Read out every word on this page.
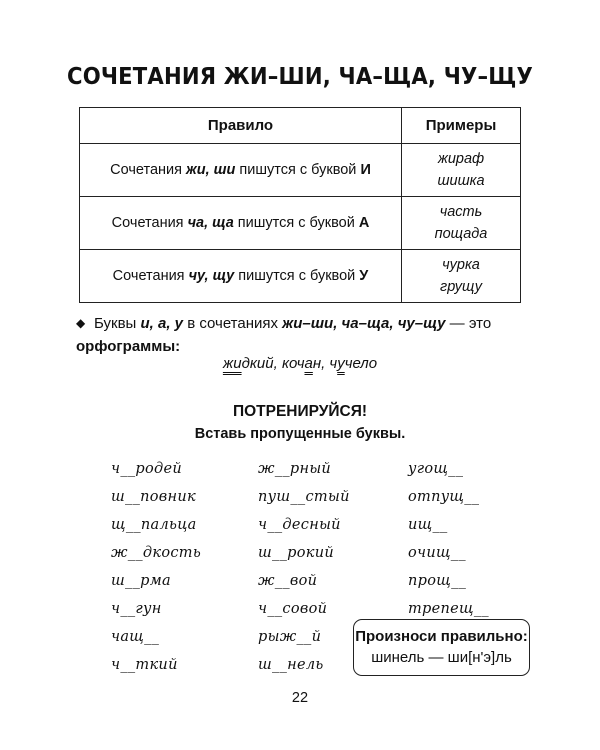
СОЧЕТАНИЯ ЖИ–ШИ, ЧА–ЩА, ЧУ–ЩУ
Правило	Примеры
Сочетания жи, ши пишутся с буквой И	жираф
шишка

Сочетания ча, ща пишутся с буквой А	часть
пощада

Сочетания чу, щу пишутся с буквой У	чурка
грущу
◆ Буквы и, а, у в сочетаниях жи–ши, ча–ща, чу–щу — это орфограммы:
жидкий, кочан, чучело
ПОТРЕНИРУЙСЯ!
Вставь пропущенные буквы.
ч__родей
ш__повник
щ__пальца
ж__дкость
ш__рма
ч__гун
чащ__
ч__ткий
ж__рный
пуш__стый
ч__десный
ш__рокий
ж__вой
ч__совой
рыж__й
ш__нель
угощ__
отпущ__
ищ__
очищ__
прощ__
трепещ__
Произноси правильно:
шинель — ши[н'э]ль
22
